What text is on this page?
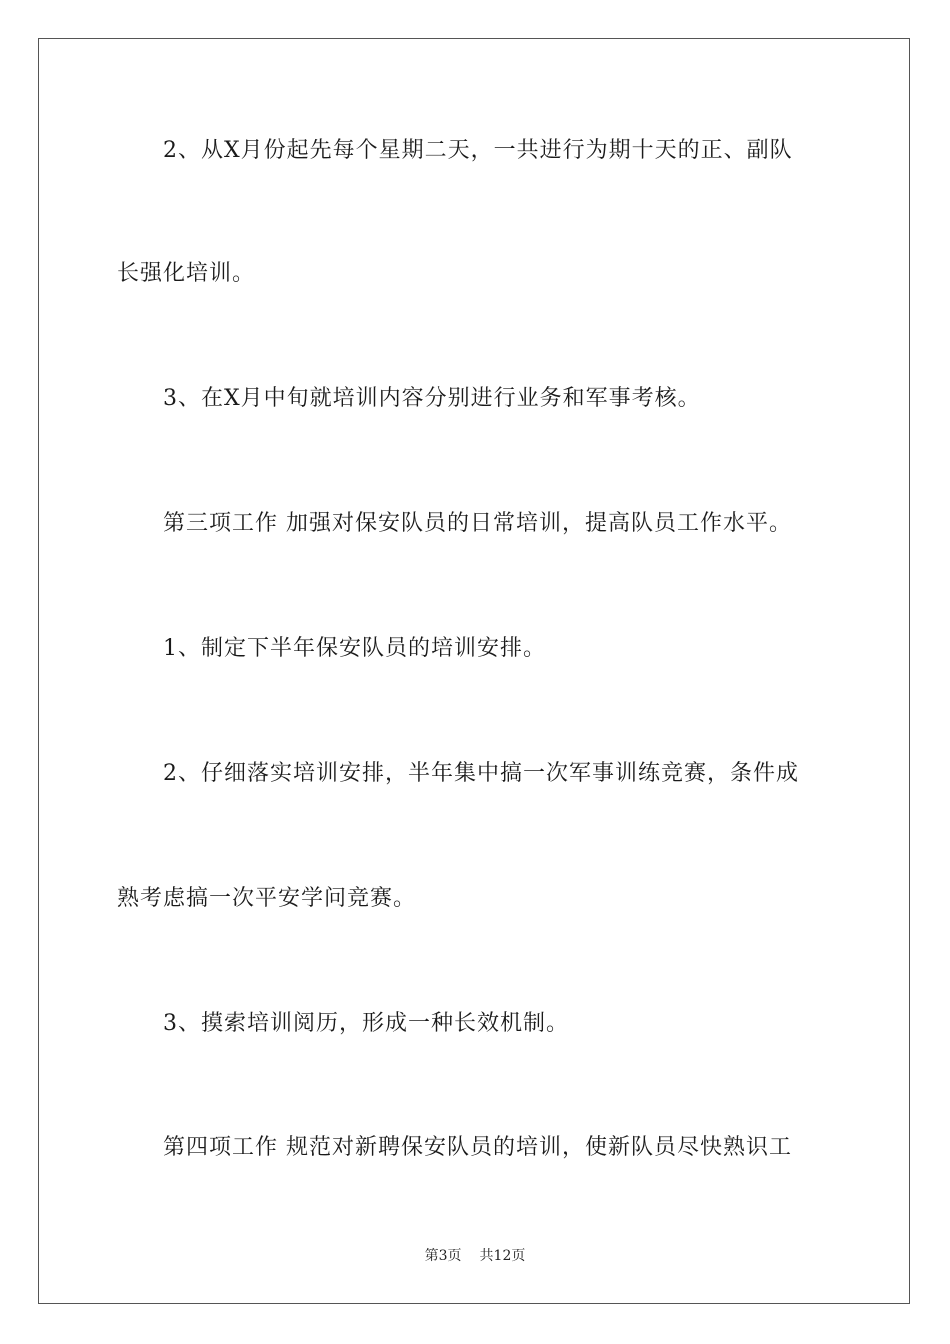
2、从X月份起先每个星期二天，一共进行为期十天的正、副队
长强化培训。
3、在X月中旬就培训内容分别进行业务和军事考核。
第三项工作 加强对保安队员的日常培训，提高队员工作水平。
1、制定下半年保安队员的培训安排。
2、仔细落实培训安排，半年集中搞一次军事训练竞赛，条件成
熟考虑搞一次平安学问竞赛。
3、摸索培训阅历，形成一种长效机制。
第四项工作 规范对新聘保安队员的培训，使新队员尽快熟识工
第3页 共12页
